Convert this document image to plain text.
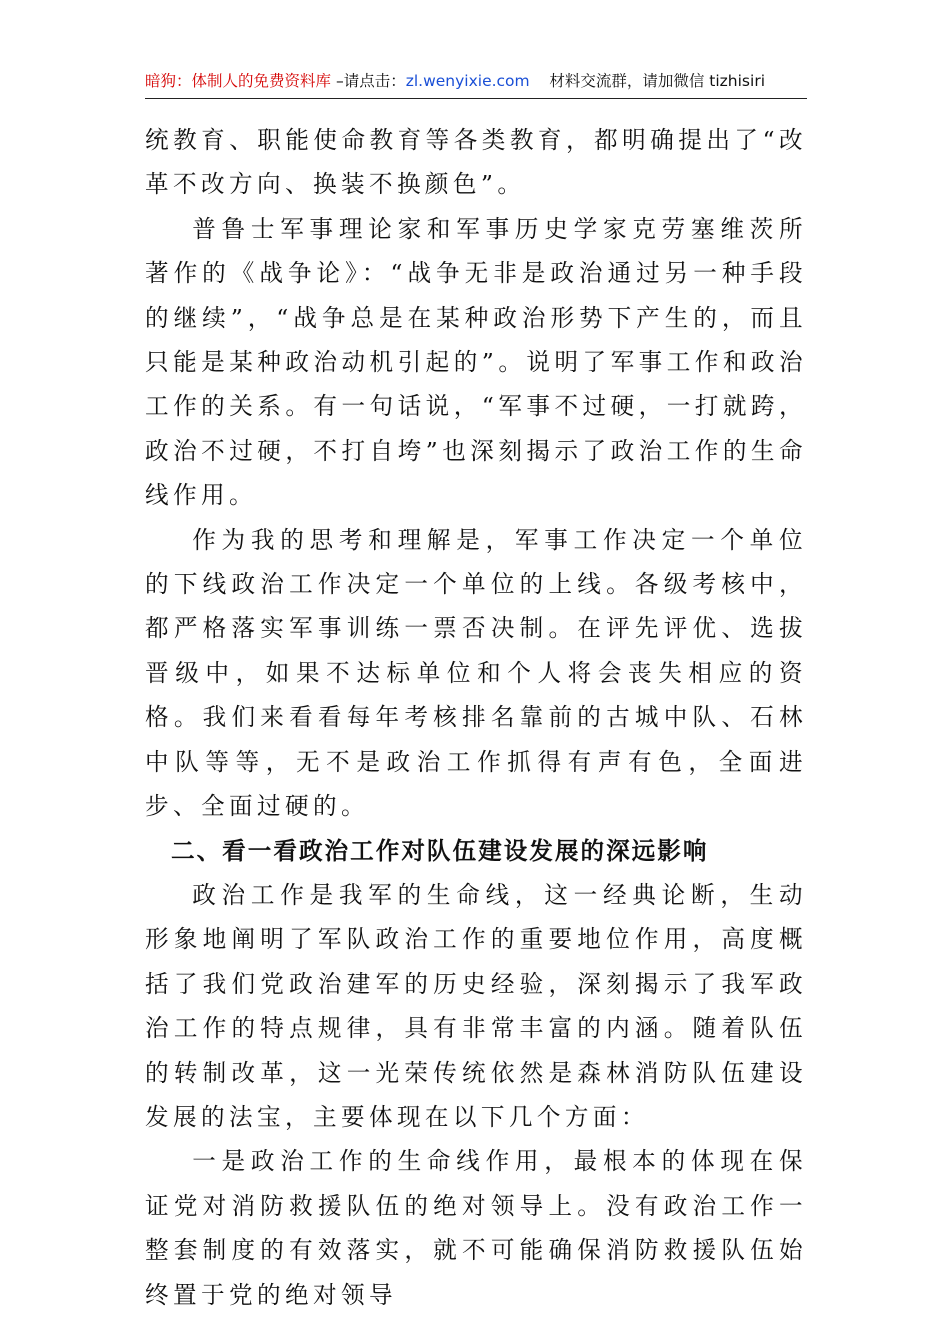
暗狗：体制人的免费资料库 –请点击：zl.wenyixie.com 材料交流群，请加微信 tizhisiri

统教育、职能使命教育等各类教育，都明确提出了“改革不改方向、换装不换颜色”。

普鲁士军事理论家和军事历史学家克劳塞维茨所著作的《战争论》：“战争无非是政治通过另一种手段的继续”，“战争总是在某种政治形势下产生的，而且只能是某种政治动机引起的”。说明了军事工作和政治工作的关系。有一句话说，“军事不过硬，一打就跨，政治不过硬，不打自垮”也深刻揭示了政治工作的生命线作用。

作为我的思考和理解是，军事工作决定一个单位的下线政治工作决定一个单位的上线。各级考核中，都严格落实军事训练一票否决制。在评先评优、选拔晋级中，如果不达标单位和个人将会丧失相应的资格。我们来看看每年考核排名靠前的古城中队、石林中队等等，无不是政治工作抓得有声有色，全面进步、全面过硬的。

二、看一看政治工作对队伍建设发展的深远影响

政治工作是我军的生命线，这一经典论断，生动形象地阐明了军队政治工作的重要地位作用，高度概括了我们党政治建军的历史经验，深刻揭示了我军政治工作的特点规律，具有非常丰富的内涵。随着队伍的转制改革，这一光荣传统依然是森林消防队伍建设发展的法宝，主要体现在以下几个方面：

一是政治工作的生命线作用，最根本的体现在保证党对消防救援队伍的绝对领导上。没有政治工作一整套制度的有效落实，就不可能确保消防救援队伍始终置于党的绝对领导
